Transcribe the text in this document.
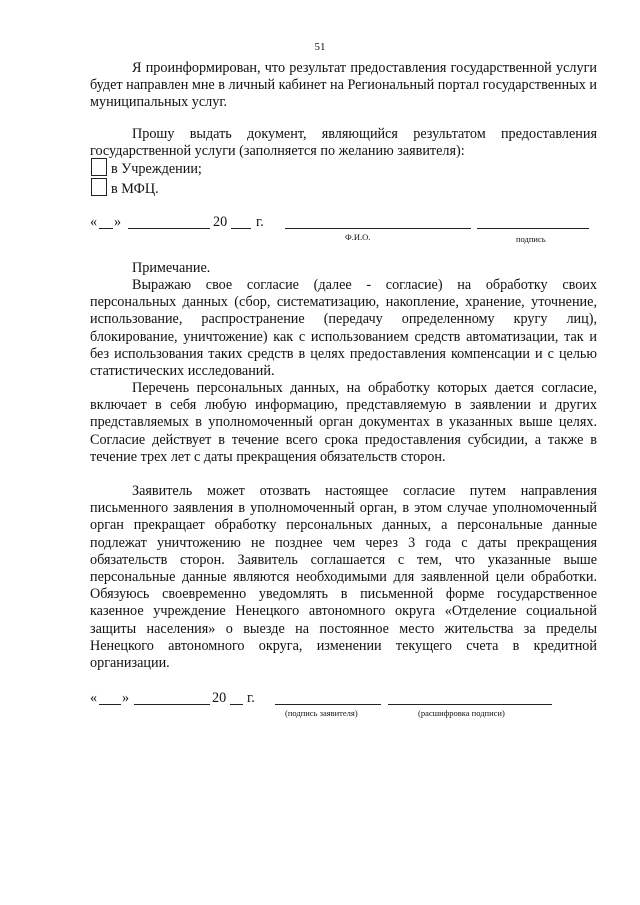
51

Я проинформирован, что результат предоставления государственной услуги будет направлен мне в личный кабинет на Региональный портал государственных и муниципальных услуг.

Прошу выдать документ, являющийся результатом предоставления государственной услуги (заполняется по желанию заявителя):

в Учреждении;
в МФЦ.
« »	20 г.
Ф.И.О.	подпись
Примечание.

Выражаю свое согласие (далее - согласие) на обработку своих персональных данных (сбор, систематизацию, накопление, хранение, уточнение, использование, распространение (передачу определенному кругу лиц), блокирование, уничтожение) как с использованием средств автоматизации, так и без использования таких средств в целях предоставления компенсации и с целью статистических исследований.

Перечень персональных данных, на обработку которых дается согласие, включает в себя любую информацию, представляемую в заявлении и других представляемых в уполномоченный орган документах в указанных выше целях. Согласие действует в течение всего срока предоставления субсидии, а также в течение трех лет с даты прекращения обязательств сторон.

Заявитель может отозвать настоящее согласие путем направления письменного заявления в уполномоченный орган, в этом случае уполномоченный орган прекращает обработку персональных данных, а персональные данные подлежат уничтожению не позднее чем через 3 года с даты прекращения обязательств сторон. Заявитель соглашается с тем, что указанные выше персональные данные являются необходимыми для заявленной цели обработки. Обязуюсь своевременно уведомлять в письменной форме государственное казенное учреждение Ненецкого автономного округа «Отделение социальной защиты населения» о выезде на постоянное место жительства за пределы Ненецкого автономного округа, изменении текущего счета в кредитной организации.

« »	20 г.
(подпись заявителя)	(расшифровка подписи)
